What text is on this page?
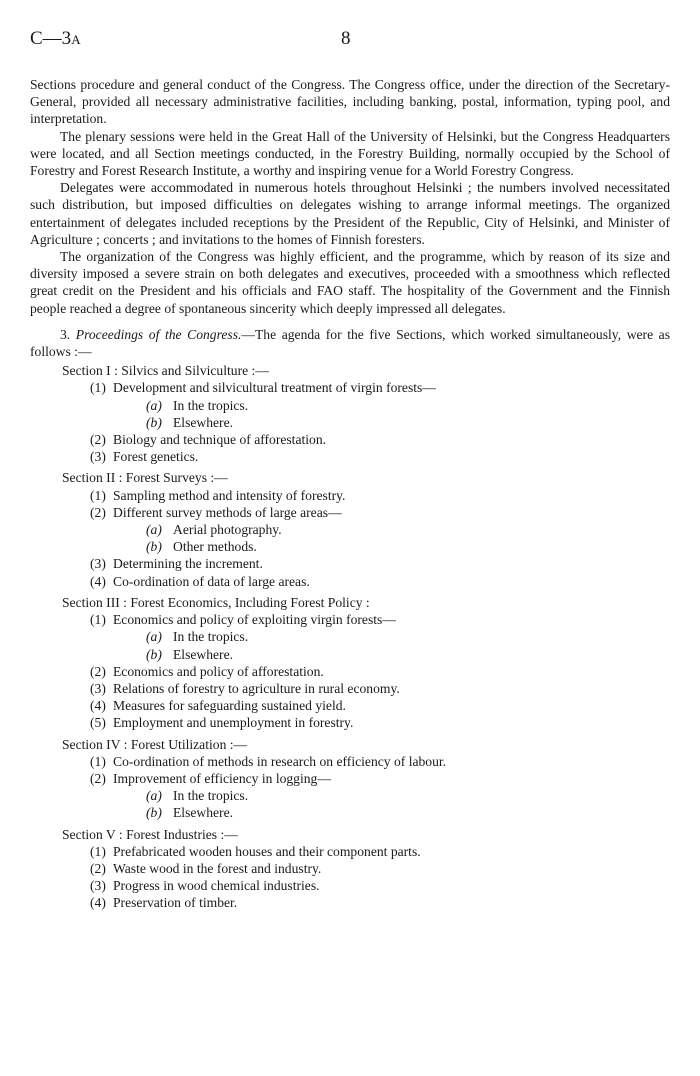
C—3A	8

Sections procedure and general conduct of the Congress. The Congress office, under the direction of the Secretary-General, provided all necessary administrative facilities, including banking, postal, information, typing pool, and interpretation.

The plenary sessions were held in the Great Hall of the University of Helsinki, but the Congress Headquarters were located, and all Section meetings conducted, in the Forestry Building, normally occupied by the School of Forestry and Forest Research Institute, a worthy and inspiring venue for a World Forestry Congress.

Delegates were accommodated in numerous hotels throughout Helsinki ; the numbers involved necessitated such distribution, but imposed difficulties on delegates wishing to arrange informal meetings. The organized entertainment of delegates included receptions by the President of the Republic, City of Helsinki, and Minister of Agriculture ; concerts ; and invitations to the homes of Finnish foresters.

The organization of the Congress was highly efficient, and the programme, which by reason of its size and diversity imposed a severe strain on both delegates and executives, proceeded with a smoothness which reflected great credit on the President and his officials and FAO staff. The hospitality of the Government and the Finnish people reached a degree of spontaneous sincerity which deeply impressed all delegates.

3. Proceedings of the Congress.—The agenda for the five Sections, which worked simultaneously, were as follows :—

Section I : Silvics and Silviculture :—
(1) Development and silvicultural treatment of virgin forests—
(a) In the tropics.
(b) Elsewhere.
(2) Biology and technique of afforestation.
(3) Forest genetics.
Section II : Forest Surveys :—
(1) Sampling method and intensity of forestry.
(2) Different survey methods of large areas—
(a) Aerial photography.
(b) Other methods.
(3) Determining the increment.
(4) Co-ordination of data of large areas.
Section III : Forest Economics, Including Forest Policy :
(1) Economics and policy of exploiting virgin forests—
(a) In the tropics.
(b) Elsewhere.
(2) Economics and policy of afforestation.
(3) Relations of forestry to agriculture in rural economy.
(4) Measures for safeguarding sustained yield.
(5) Employment and unemployment in forestry.
Section IV : Forest Utilization :—
(1) Co-ordination of methods in research on efficiency of labour.
(2) Improvement of efficiency in logging—
(a) In the tropics.
(b) Elsewhere.
Section V : Forest Industries :—
(1) Prefabricated wooden houses and their component parts.
(2) Waste wood in the forest and industry.
(3) Progress in wood chemical industries.
(4) Preservation of timber.
